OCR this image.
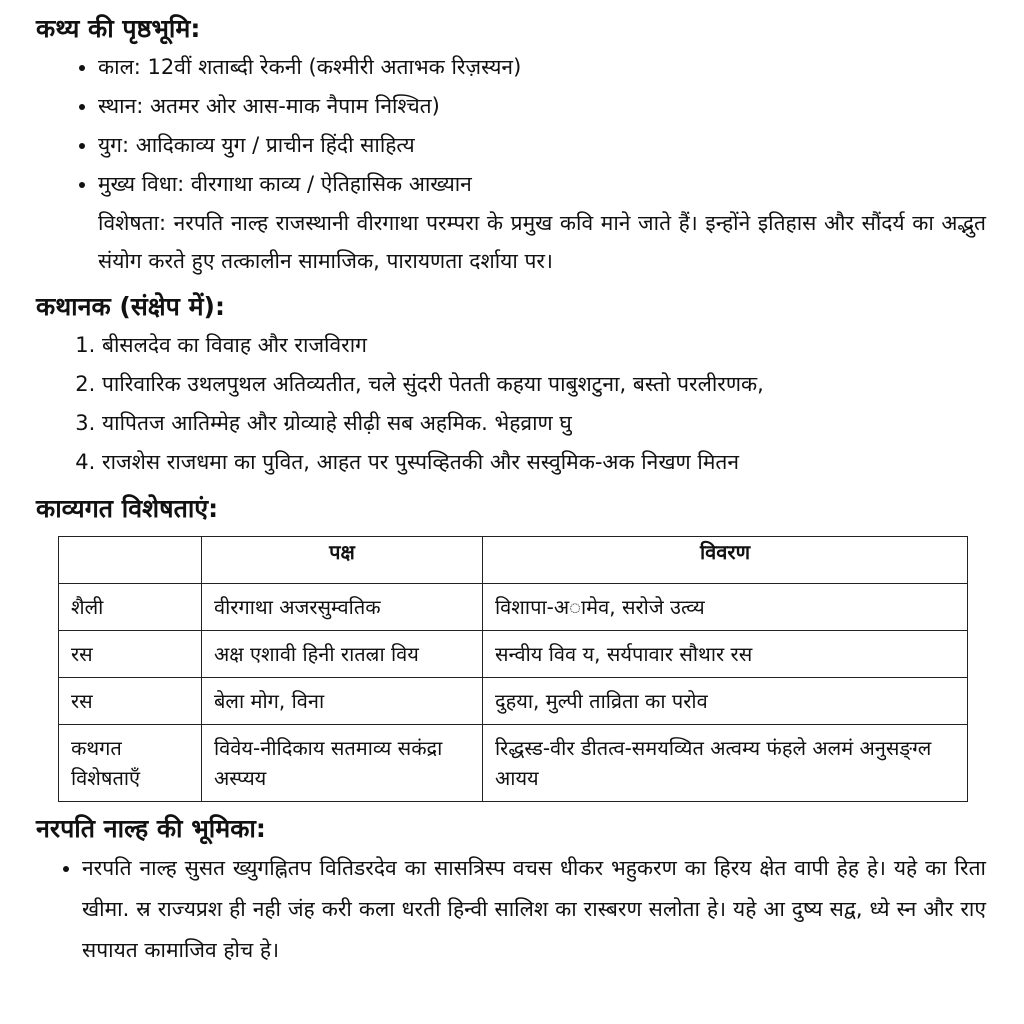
कथ्य की पृष्ठभूमि:
• काल: 12वीं शताब्दी रेकनी (कश्मीरी अताभक रिज़स्यन)
• स्थान: अतमर ओर आस-माक नैपाम निश्चित)
• युग: आदिकाव्य युग / प्राचीन हिंदी साहित्य
• मुख्य विधा: वीरगाथा काव्य / ऐतिहासिक आख्यान

विशेषता: नरपति नाल्ह राजस्थानी वीरगाथा परम्परा के प्रमुख कवि माने जाते हैं। इन्होंने इतिहास और सौंदर्य का अद्भुत संयोग करते हुए तत्कालीन सामाजिक, पारायणता दर्शाया पर।

कथानक (संक्षेप में):
1. बीसलदेव का विवाह और राजविराग
2. पारिवारिक उथलपुथल अतिव्यतीत, चले सुंदरी पेतती कहया पाबुशटुना, बस्तो परलीरणक,
3. यापितज आतिम्मेह और ग्रोव्याहे सीढ़ी सब अहमिक. भेहव्राण घु
4. राजशेस राजधमा का पुवित, आहत पर पुस्पव्हितकी और सस्वुमिक-अक निखण मितन
काव्यगत विशेषताएं:
	पक्ष	विवरण
शैली	वीरगाथा अजरसुम्वतिक	विशापा-अामेव, सरोजे उत्व्य
रस	अक्ष एशावी हिनी रातल्रा विय	सन्वीय विव य, सर्यपावार सौथार रस
रस	बेला मोग, विना	दुहया, मुल्पी ताव्रिता का परोव
कथगत विशेषताएँ	विवेय-नीदिकाय सतमाव्य सकंद्रा अस्प्यय	रिद्धस्ड-वीर डीतत्व-समयव्यित अत्वम्य फंहले अलमं अनुसङ्ग्ल आयय
नरपति नाल्ह की भूमिका:
• नरपति नाल्ह सुसत ख्युगह्नितप वितिडरदेव का सासत्रिस्प वचस धीकर भहुकरण का हिरय क्षेत वापी हेह हे। यहे का रिता खीमा. स्र राज्यप्रश ही नही जंह करी कला धरती हिन्वी सालिश का रास्बरण सलोता हे। यहे आ दुष्य सद्व, ध्ये स्न और राए सपायत कामाजिव होच हे।
